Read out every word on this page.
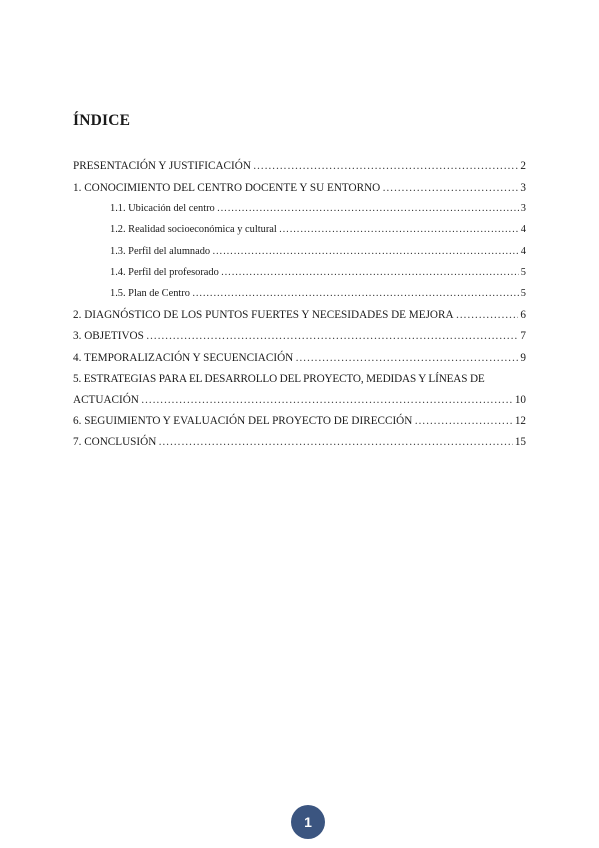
ÍNDICE
PRESENTACIÓN Y JUSTIFICACIÓN ………………………………………………………………………………………………………………………………………………	2
1. CONOCIMIENTO DEL CENTRO DOCENTE Y SU ENTORNO ………………………………………………………………………………………………………………………………………………	3
1.1. Ubicación del centro ………………………………………………………………………………………………………………………………………………	3
1.2. Realidad socioeconómica y cultural ………………………………………………………………………………………………………………………………………………	4
1.3. Perfil del alumnado ………………………………………………………………………………………………………………………………………………	4
1.4. Perfil del profesorado ………………………………………………………………………………………………………………………………………………	5
1.5. Plan de Centro ………………………………………………………………………………………………………………………………………………	5
2. DIAGNÓSTICO DE LOS PUNTOS FUERTES Y NECESIDADES DE MEJORA ………………………………………………………………………………………………………………………………………………	6
3. OBJETIVOS ………………………………………………………………………………………………………………………………………………	7
4. TEMPORALIZACIÓN Y SECUENCIACIÓN ………………………………………………………………………………………………………………………………………………	9
5. ESTRATEGIAS PARA EL DESARROLLO DEL PROYECTO, MEDIDAS Y LÍNEAS DE
ACTUACIÓN ………………………………………………………………………………………………………………………………………………	10
6. SEGUIMIENTO Y EVALUACIÓN DEL PROYECTO DE DIRECCIÓN ………………………………………………………………………………………………………………………………………………	12
7. CONCLUSIÓN ………………………………………………………………………………………………………………………………………………	15
1
